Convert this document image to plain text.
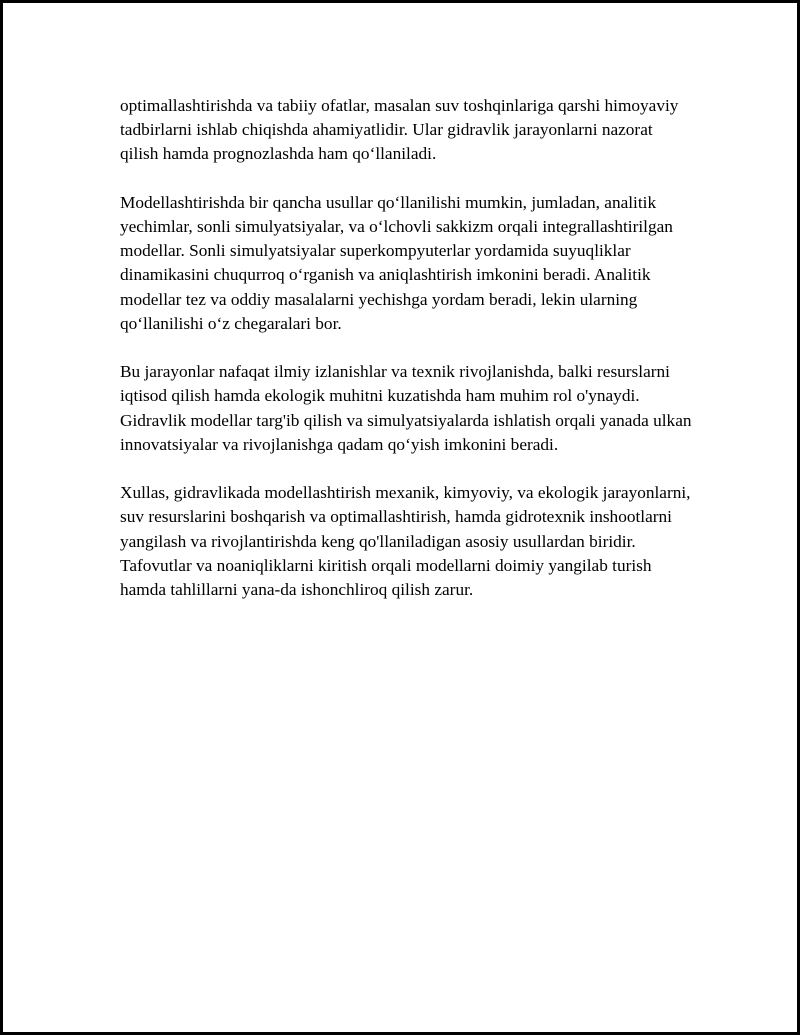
optimallashtirishda va tabiiy ofatlar, masalan suv toshqinlariga qarshi himoyaviy tadbirlarni ishlab chiqishda ahamiyatlidir. Ular gidravlik jarayonlarni nazorat qilish hamda prognozlashda ham qo‘llaniladi.

Modellashtirishda bir qancha usullar qo‘llanilishi mumkin, jumladan, analitik yechimlar, sonli simulyatsiyalar, va o‘lchovli sakkizm orqali integrallashtirilgan modellar. Sonli simulyatsiyalar superkompyuterlar yordamida suyuqliklar dinamikasini chuqurroq o‘rganish va aniqlashtirish imkonini beradi. Analitik modellar tez va oddiy masalalarni yechishga yordam beradi, lekin ularning qo‘llanilishi o‘z chegaralari bor.

Bu jarayonlar nafaqat ilmiy izlanishlar va texnik rivojlanishda, balki resurslarni iqtisod qilish hamda ekologik muhitni kuzatishda ham muhim rol o'ynaydi. Gidravlik modellar targ'ib qilish va simulyatsiyalarda ishlatish orqali yanada ulkan innovatsiyalar va rivojlanishga qadam qo‘yish imkonini beradi.

Xullas, gidravlikada modellashtirish mexanik, kimyoviy, va ekologik jarayonlarni, suv resurslarini boshqarish va optimallashtirish, hamda gidrotexnik inshootlarni yangilash va rivojlantirishda keng qo'llaniladigan asosiy usullardan biridir. Tafovutlar va noaniqliklarni kiritish orqali modellarni doimiy yangilab turish hamda tahlillarni yana-da ishonchliroq qilish zarur.
